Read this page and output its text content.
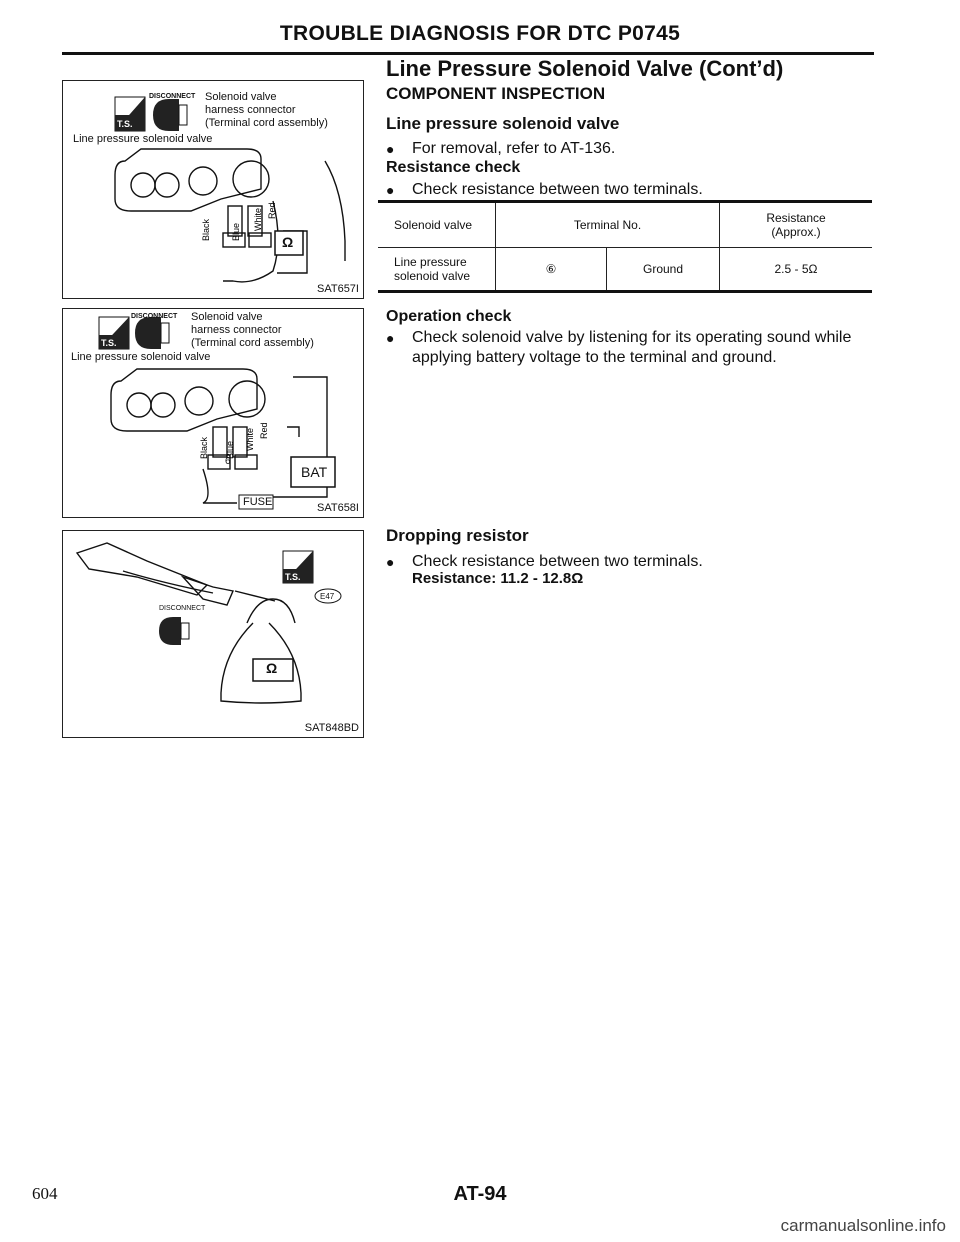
TROUBLE DIAGNOSIS FOR DTC P0745
Line Pressure Solenoid Valve (Cont’d)
COMPONENT INSPECTION
Line pressure solenoid valve
●	For removal, refer to AT-136.
Resistance check
●	Check resistance between two terminals.
Solenoid valve	Terminal No.		Resistance
(Approx.)

Line pressure
solenoid valve	⑥	Ground	2.5 - 5Ω
Operation check
●	Check solenoid valve by listening for its operating sound while applying battery voltage to the terminal and ground.
Dropping resistor
●	Check resistance between two terminals.
Resistance: 11.2 - 12.8Ω
Black Blue
White Red
DISCONNECT
T.S.
Solenoid valve
harness connector
(Terminal cord assembly)
Line pressure solenoid valve
Ω
SAT657I
Black Blue White Red
DISCONNECT
T.S.
Solenoid valve
harness connector
(Terminal cord assembly)
Line pressure solenoid valve
6
BAT
FUSE	SAT658I
DISCONNECT
T.S.
E47
Ω
SAT848BD
604	AT-94
carmanualsonline.info
